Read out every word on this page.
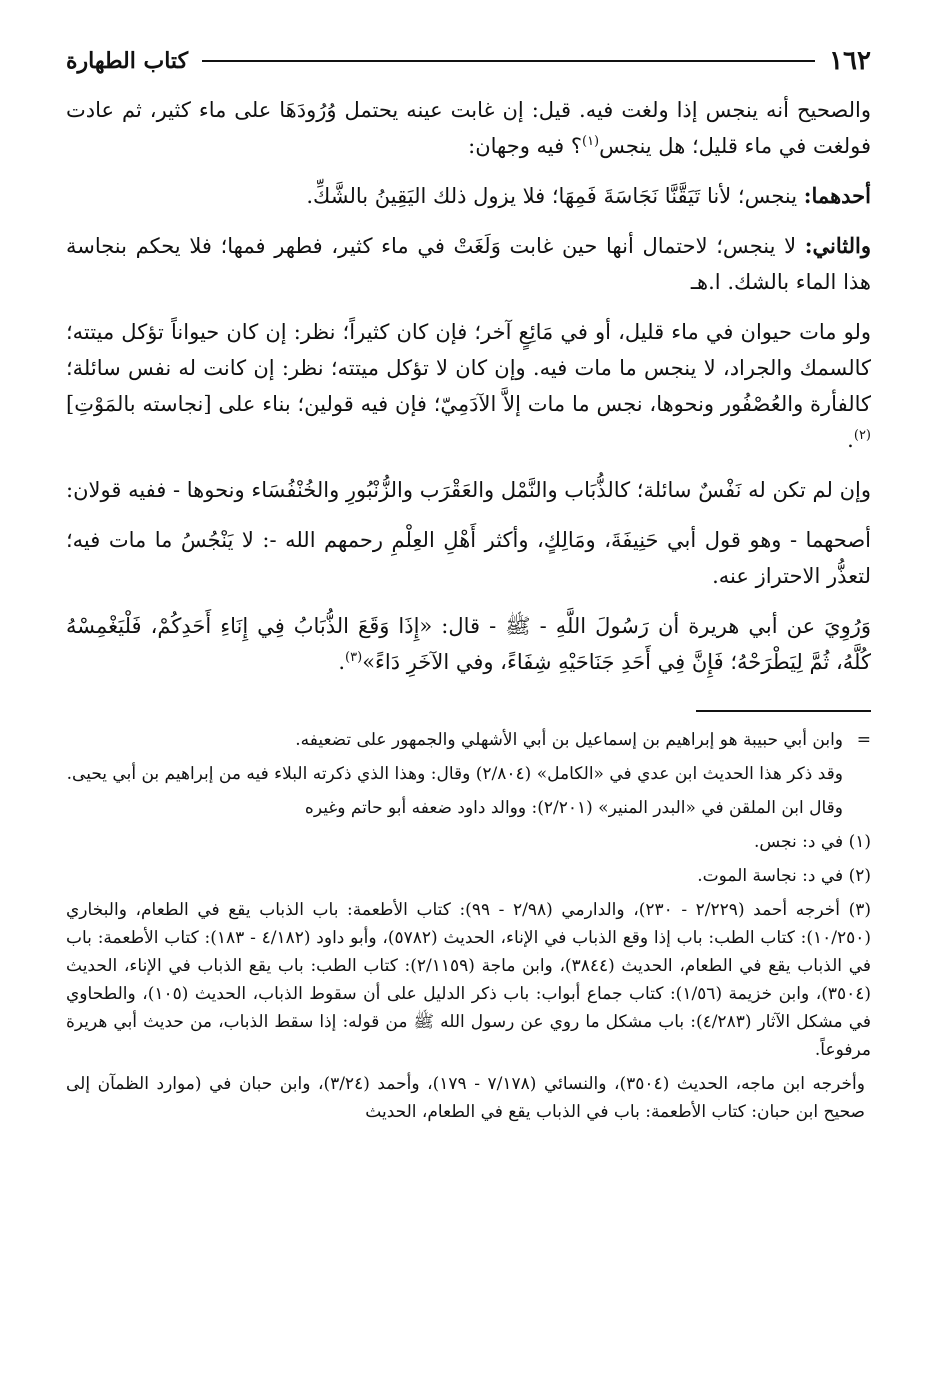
١٦٢
كتاب الطهارة

والصحيح أنه ينجس إذا ولغت فيه. قيل: إن غابت عينه يحتمل وُرُودَهَا على ماء كثير، ثم عادت فولغت في ماء قليل؛ هل ينجس$^{(١)}$؟ فيه وجهان:

أحدهما: ينجس؛ لأنا تَيَقَّنَّا نَجَاسَةَ فَمِهَا؛ فلا يزول ذلك اليَقِينُ بالشَّكِّ.

والثاني: لا ينجس؛ لاحتمال أنها حين غابت وَلَغَتْ في ماء كثير، فطهر فمها؛ فلا يحكم بنجاسة هذا الماء بالشك. ا.هـ

ولو مات حيوان في ماء قليل، أو في مَائِعٍ آخر؛ فإن كان كثيراً؛ نظر: إن كان حيواناً تؤكل ميتته؛ كالسمك والجراد، لا ينجس ما مات فيه. وإن كان لا تؤكل ميتته؛ نظر: إن كانت له نفس سائلة؛ كالفأرة والعُصْفُور ونحوها، نجس ما مات إلاَّ الآدَمِيّ؛ فإن فيه قولين؛ بناء على [نجاسته بالمَوْتِ]$^{(٢)}$.

وإن لم تكن له نَفْسٌ سائلة؛ كالذُّبَاب والنَّمْل والعَقْرَب والزُّنْبُورِ والخُنْفُسَاء ونحوها - ففيه قولان:

أصحهما - وهو قول أبي حَنِيفَةَ، ومَالِكٍ، وأكثر أَهْلِ العِلْمِ رحمهم الله -: لا يَنْجُسُ ما مات فيه؛ لتعذُّر الاحتراز عنه.

وَرُوِيَ عن أبي هريرة أن رَسُولَ اللَّهِ - ﷺ - قال: «إِذَا وَقَعَ الذُّبَابُ فِي إِنَاءِ أَحَدِكُمْ، فَلْيَغْمِسْهُ كُلَّهُ، ثُمَّ لِيَطْرَحْهُ؛ فَإِنَّ فِي أَحَدِ جَنَاحَيْهِ شِفَاءً، وفي الآخَرِ دَاءً»$^{(٣)}$.

=
وابن أبي حبيبة هو إبراهيم بن إسماعيل بن أبي الأشهلي والجمهور على تضعيفه.

وقد ذكر هذا الحديث ابن عدي في «الكامل» (٢/٨٠٤) وقال: وهذا الذي ذكرته البلاء فيه من إبراهيم بن أبي يحيى.

وقال ابن الملقن في «البدر المنير» (٢/٢٠١): ووالد داود ضعفه أبو حاتم وغيره

(١) في د: نجس.

(٢) في د: نجاسة الموت.

(٣) أخرجه أحمد (٢/٢٢٩ - ٢٣٠)، والدارمي (٢/٩٨ - ٩٩): كتاب الأطعمة: باب الذباب يقع في الطعام، والبخاري (١٠/٢٥٠): كتاب الطب: باب إذا وقع الذباب في الإناء، الحديث (٥٧٨٢)، وأبو داود (٤/١٨٢ - ١٨٣): كتاب الأطعمة: باب في الذباب يقع في الطعام، الحديث (٣٨٤٤)، وابن ماجة (٢/١١٥٩): كتاب الطب: باب يقع الذباب في الإناء، الحديث (٣٥٠٤)، وابن خزيمة (١/٥٦): كتاب جماع أبواب: باب ذكر الدليل على أن سقوط الذباب، الحديث (١٠٥)، والطحاوي في مشكل الآثار (٤/٢٨٣): باب مشكل ما روي عن رسول الله ﷺ من قوله: إذا سقط الذباب، من حديث أبي هريرة مرفوعاً.

وأخرجه ابن ماجه، الحديث (٣٥٠٤)، والنسائي (٧/١٧٨ - ١٧٩)، وأحمد (٣/٢٤)، وابن حبان في (موارد الظمآن إلى صحيح ابن حبان: كتاب الأطعمة: باب في الذباب يقع في الطعام، الحديث
